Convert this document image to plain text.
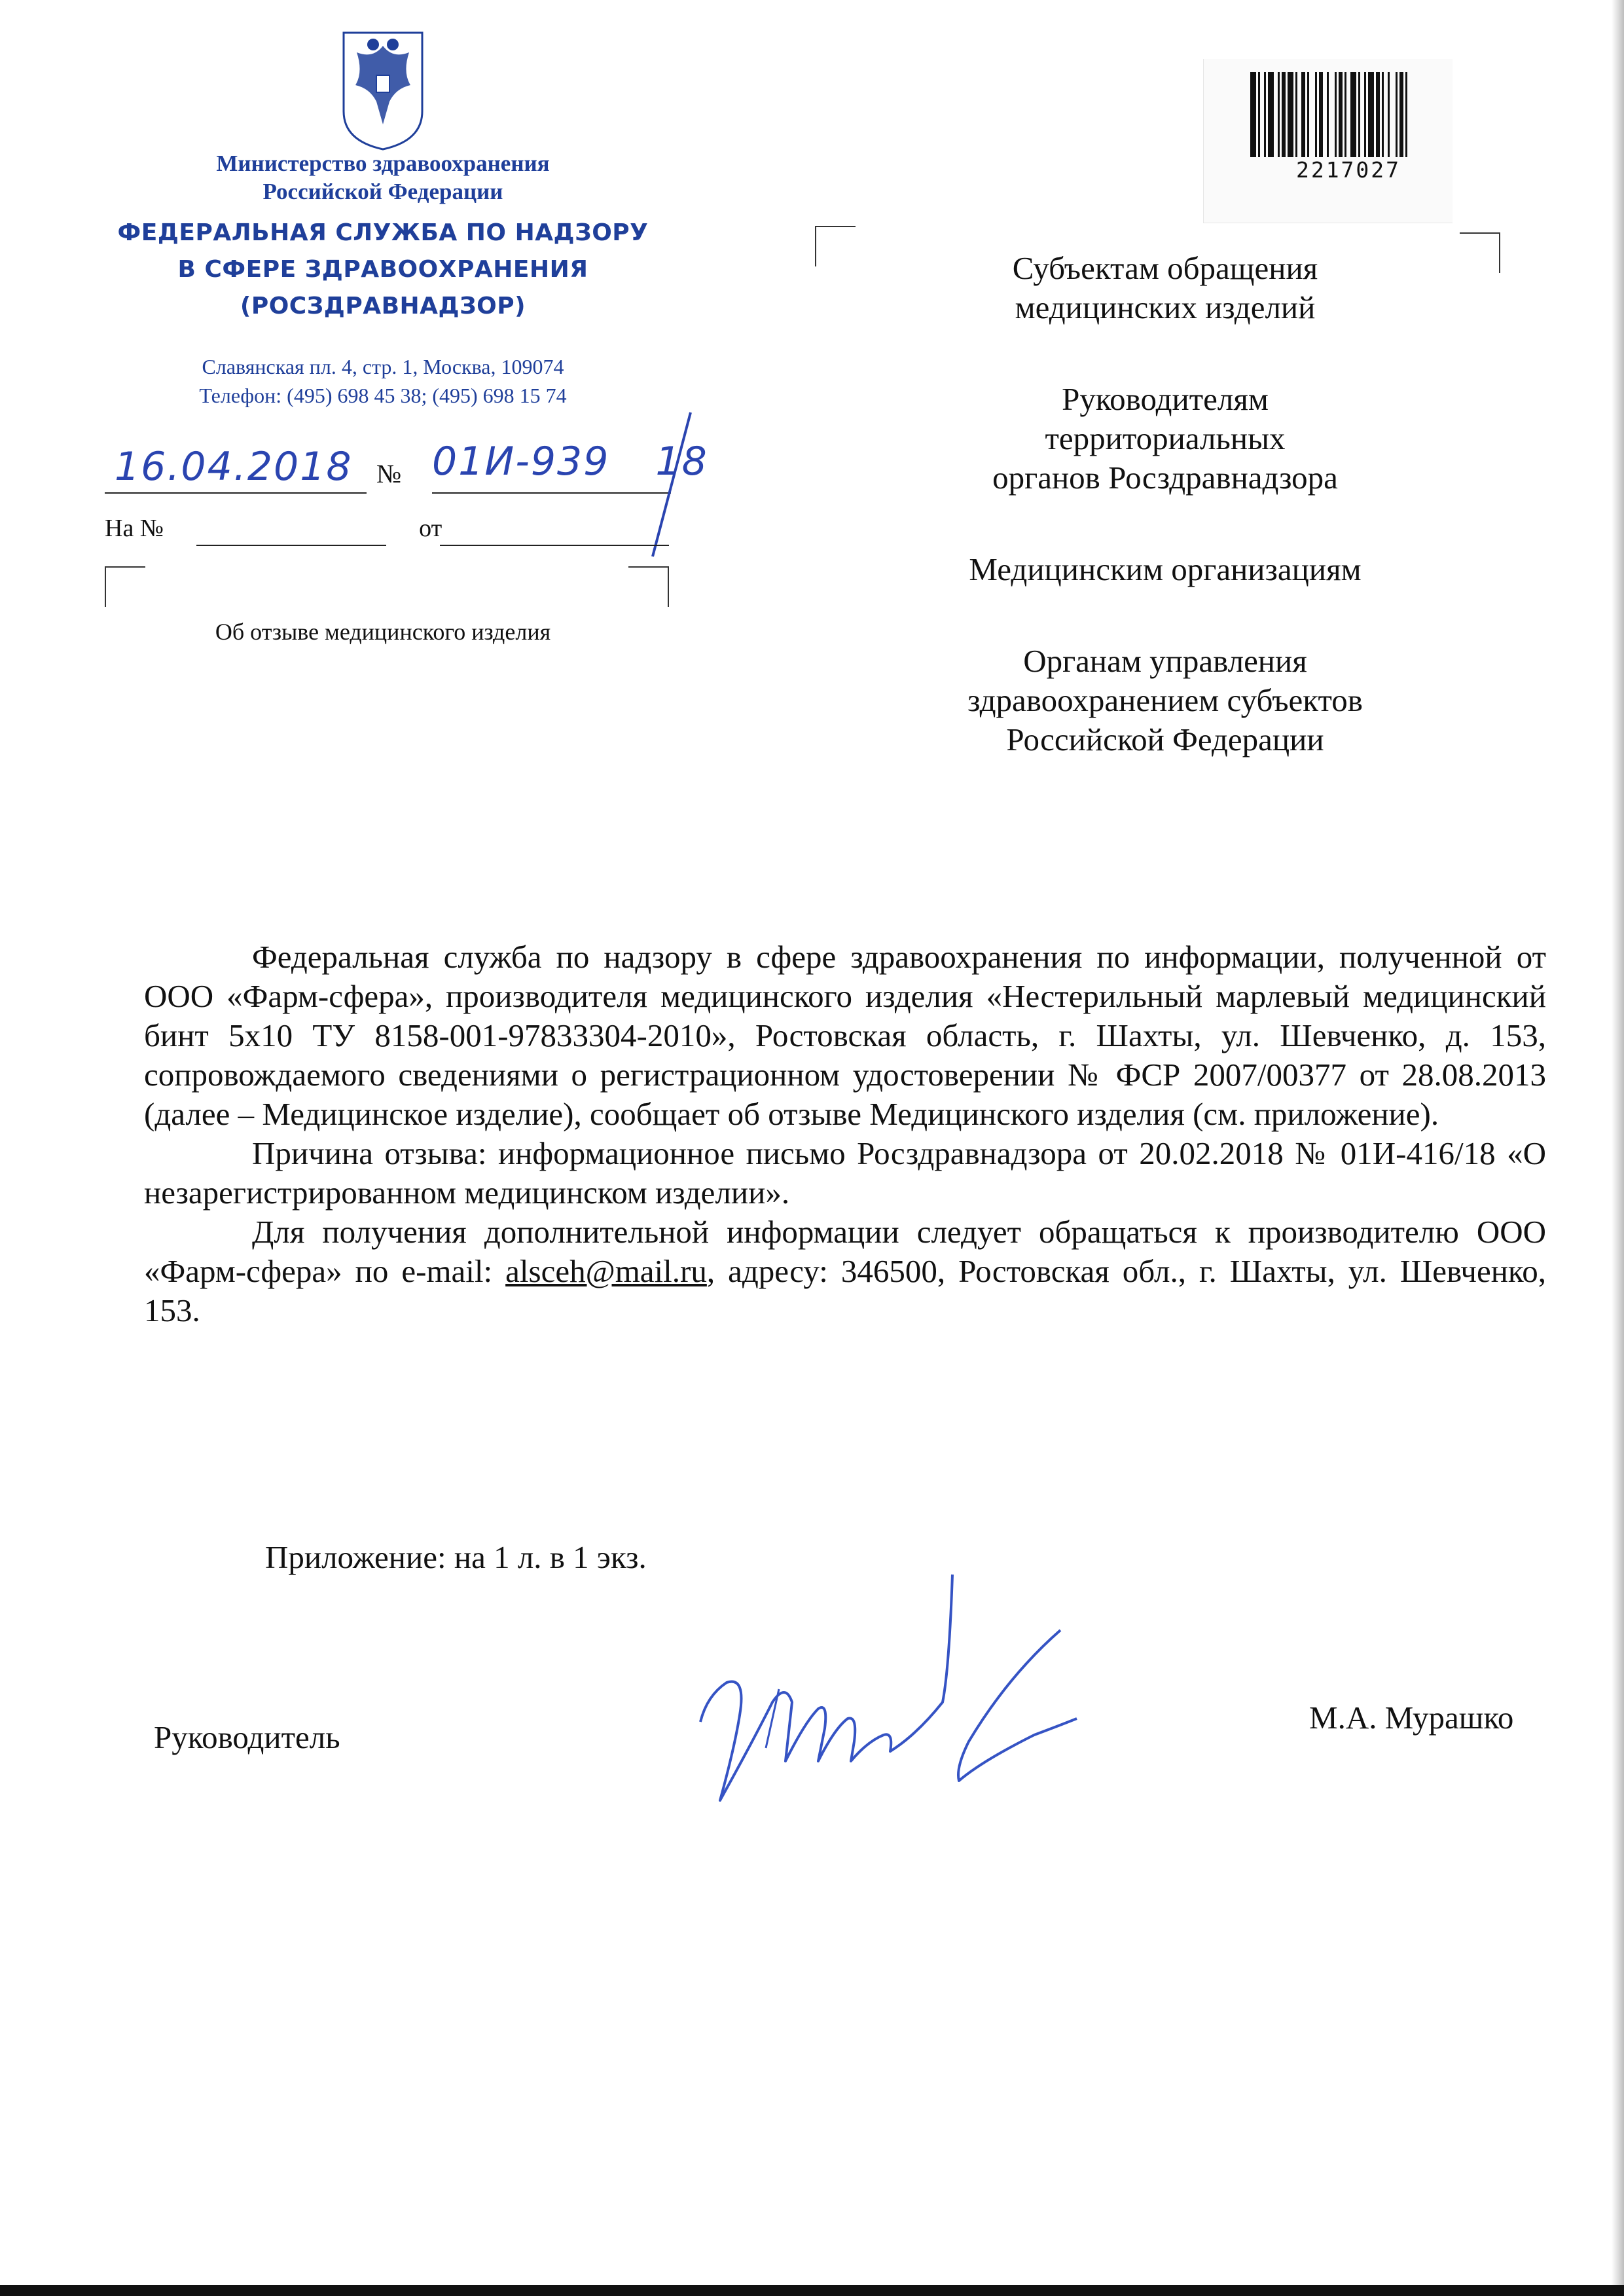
Министерство здравоохранения
Российской Федерации
ФЕДЕРАЛЬНАЯ СЛУЖБА ПО НАДЗОРУ
В СФЕРЕ ЗДРАВООХРАНЕНИЯ
(РОСЗДРАВНАДЗОР)
Славянская пл. 4, стр. 1, Москва, 109074
Телефон: (495) 698 45 38; (495) 698 15 74
16.04.2018 № 01И-939 18
На №	от
Об отзыве медицинского изделия
2217027

Субъектам обращения
медицинских изделий

Руководителям
территориальных
органов Росздравнадзора

Медицинским организациям

Органам управления
здравоохранением субъектов
Российской Федерации

Федеральная служба по надзору в сфере здравоохранения по информации, полученной от ООО «Фарм-сфера», производителя медицинского изделия «Нестерильный марлевый медицинский бинт 5x10 ТУ 8158-001-97833304-2010», Ростовская область, г. Шахты, ул. Шевченко, д. 153, сопровождаемого сведениями о регистрационном удостоверении № ФСР 2007/00377 от 28.08.2013 (далее – Медицинское изделие), сообщает об отзыве Медицинского изделия (см. приложение).

Причина отзыва: информационное письмо Росздравнадзора от 20.02.2018 № 01И-416/18 «О незарегистрированном медицинском изделии».

Для получения дополнительной информации следует обращаться к производителю ООО «Фарм-сфера» по e-mail: alsceh@mail.ru, адресу: 346500, Ростовская обл., г. Шахты, ул. Шевченко, 153.

Приложение: на 1 л. в 1 экз.
Руководитель
М.А. Мурашко
